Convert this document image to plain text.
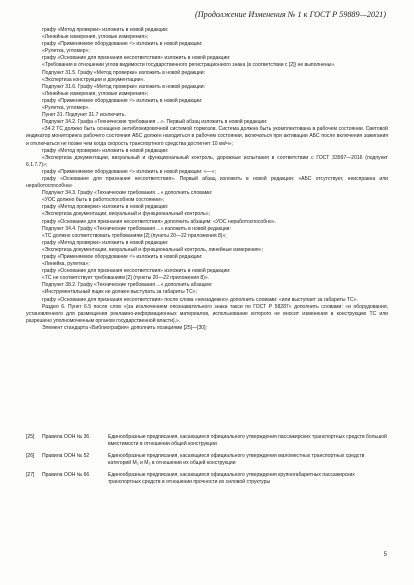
(Продолжение Изменения № 1 к ГОСТ Р 59889—2021)

графу «Метод проверки» изложить в новой редакции:

«Линейные измерения, угловые измерения»;

графу «Применяемое оборудование ¹⁾» изложить в новой редакции:

«Рулетка, угломер»;

графу «Основание для признания несоответствия» изложить в новой редакции:

«Требования в отношении углов видимости государственного регистрационного знака (в соответствии с [2]) не выполнены».

Подпункт 31.5. Графу «Метод проверки» изложить в новой редакции:

«Экспертиза конструкции и документации».

Подпункт 31.6. Графу «Метод проверки» изложить в новой редакции:

«Линейные измерения, угловые измерения»;

графу «Применяемое оборудование ¹⁾» изложить в новой редакции:

«Рулетка, угломер».

Пункт 31. Подпункт 31.7 исключить.

Подпункт 34.2. Графа «Технические требования ...». Первый абзац изложить в новой редакции:

«34.2 ТС должно быть оснащено антиблокировочной системой тормозов. Система должна быть укомплектована в рабочем состоянии. Световой индикатор мониторинга рабочего состояния АБС должен находиться в рабочем состоянии, включаться при активации АБС после включения зажигания и отключаться не позже чем когда скорость транспортного средства достигнет 10 км/ч»;

графу «Метод проверки» изложить в новой редакции:

«Экспертиза документации, визуальный и функциональный контроль, дорожные испытания в соответствии с ГОСТ 33997—2016 (подпункт 6.1.7.7)»;

графу «Применяемое оборудование ¹⁾» изложить в новой редакции: «—»;

графу «Основание для признания несоответствия». Первый абзац изложить в новой редакции: «АБС отсутствует, неисправна или неработоспособна»

Подпункт 34.3. Графу «Технические требования ...» дополнить словами:

«УОС должно быть в работоспособном состоянии»;

графу «Метод проверки» изложить в новой редакции:

«Экспертиза документации, визуальный и функциональный контроль»;

графу «Основание для признания несоответствия» дополнить абзацем: «УОС неработоспособно».

Подпункт 34.4. Графу «Технические требования ...» изложить в новой редакции:

«ТС должно соответствовать требованиям [2] (пункты 20—22 приложения 8)»;

графу «Метод проверки» изложить в новой редакции:

«Экспертиза документации, визуальный и функциональный контроль, линейные измерения»;

графу «Применяемое оборудование ¹⁾» изложить в новой редакции:

«Линейка, рулетка»;

графу «Основание для признания несоответствия» изложить в новой редакции:

«ТС не соответствует требованиям [2] (пункты 20—22 приложения 8)».

Подпункт 38.2. Графу «Технические требования ...» дополнить абзацем:

«Инструментальный ящик не должен выступать за габариты ТС»;

графу «Основание для признания несоответствия» после слова «неизадежно» дополнить словами: «или выступает за габариты ТС».

Раздел 6. Пункт 6.5 после слов «(за исключением опознавательного знака такси по ГОСТ Р 58287» дополнить словами: «и оборудования, установленного для размещения рекламно-информационных материалов, использование которого не вносит изменения в конструкцию ТС или разрешено уполномоченным органом государственной власти),».

Элемент стандарта «Библиография» дополнить позициями [25]—[30]:

[25]	Правила ООН № 36	Единообразные предписания, касающиеся официального утверждения пассажирских транспортных средств большой вместимости в отношении общей конструкции
[26]	Правила ООН № 52	Единообразные предписания, касающиеся официального утверждения маломестных транспортных средств категорий M₂ и M₃ в отношении их общей конструкции
[27]	Правила ООН № 66	Единообразные предписания, касающиеся официального утверждения крупногабаритных пассажирских транспортных средств в отношении прочности их силовой структуры
5
